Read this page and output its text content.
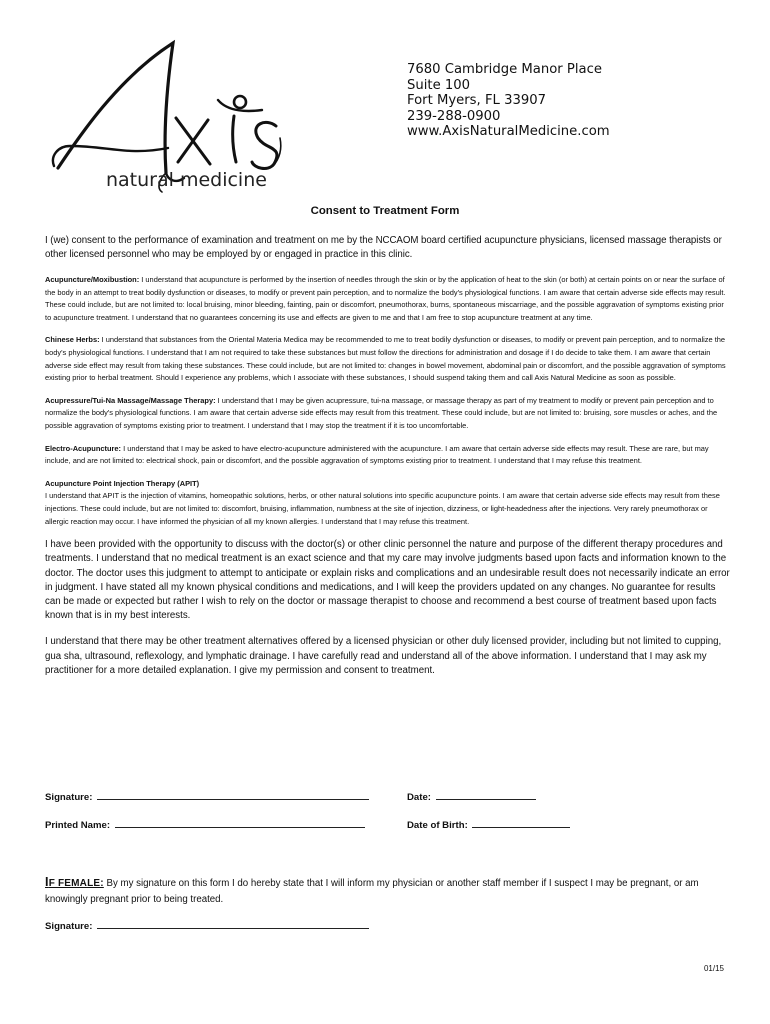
natural medicine
7680 Cambridge Manor Place
Suite 100
Fort Myers, FL 33907
239-288-0900
www.AxisNaturalMedicine.com
Consent to Treatment Form

I (we) consent to the performance of examination and treatment on me by the NCCAOM board certified acupuncture physicians, licensed massage therapists or other licensed personnel who may be employed by or engaged in practice in this clinic.

Acupuncture/Moxibustion: I understand that acupuncture is performed by the insertion of needles through the skin or by the application of heat to the skin (or both) at certain points on or near the surface of the body in an attempt to treat bodily dysfunction or diseases, to modify or prevent pain perception, and to normalize the body's physiological functions. I am aware that certain adverse side effects may result. These could include, but are not limited to: local bruising, minor bleeding, fainting, pain or discomfort, pneumothorax, burns, spontaneous miscarriage, and the possible aggravation of symptoms existing prior to acupuncture treatment. I understand that no guarantees concerning its use and effects are given to me and that I am free to stop acupuncture treatment at any time.

Chinese Herbs: I understand that substances from the Oriental Materia Medica may be recommended to me to treat bodily dysfunction or diseases, to modify or prevent pain perception, and to normalize the body's physiological functions. I understand that I am not required to take these substances but must follow the directions for administration and dosage if I do decide to take them. I am aware that certain adverse side effect may result from taking these substances. These could include, but are not limited to: changes in bowel movement, abdominal pain or discomfort, and the possible aggravation of symptoms existing prior to herbal treatment. Should I experience any problems, which I associate with these substances, I should suspend taking them and call Axis Natural Medicine as soon as possible.

Acupressure/Tui-Na Massage/Massage Therapy: I understand that I may be given acupressure, tui-na massage, or massage therapy as part of my treatment to modify or prevent pain perception and to normalize the body's physiological functions. I am aware that certain adverse side effects may result from this treatment. These could include, but are not limited to: bruising, sore muscles or aches, and the possible aggravation of symptoms existing prior to treatment. I understand that I may stop the treatment if it is too uncomfortable.

Electro-Acupuncture: I understand that I may be asked to have electro-acupuncture administered with the acupuncture. I am aware that certain adverse side effects may result. These are rare, but may include, and are not limited to: electrical shock, pain or discomfort, and the possible aggravation of symptoms existing prior to treatment. I understand that I may refuse this treatment.

Acupuncture Point Injection Therapy (APIT)
I understand that APIT is the injection of vitamins, homeopathic solutions, herbs, or other natural solutions into specific acupuncture points. I am aware that certain adverse side effects may result from these injections. These could include, but are not limited to: discomfort, bruising, inflammation, numbness at the site of injection, dizziness, or light-headedness after the injections. Very rarely pneumothorax or allergic reaction may occur. I have informed the physician of all my known allergies. I understand that I may refuse this treatment.

I have been provided with the opportunity to discuss with the doctor(s) or other clinic personnel the nature and purpose of the different therapy procedures and treatments. I understand that no medical treatment is an exact science and that my care may involve judgments based upon facts and information known to the doctor. The doctor uses this judgment to attempt to anticipate or explain risks and complications and an undesirable result does not necessarily indicate an error in judgment. I have stated all my known physical conditions and medications, and I will keep the providers updated on any changes. No guarantee for results can be made or expected but rather I wish to rely on the doctor or massage therapist to choose and recommend a best course of treatment based upon facts known that is in my best interests.

I understand that there may be other treatment alternatives offered by a licensed physician or other duly licensed provider, including but not limited to cupping, gua sha, ultrasound, reflexology, and lymphatic drainage. I have carefully read and understand all of the above information. I understand that I may ask my practitioner for a more detailed explanation. I give my permission and consent to treatment.

Signature:	Date:
Printed Name:	Date of Birth:
IF FEMALE: By my signature on this form I do hereby state that I will inform my physician or another staff member if I suspect I may be pregnant, or am knowingly pregnant prior to being treated.
Signature:
01/15
